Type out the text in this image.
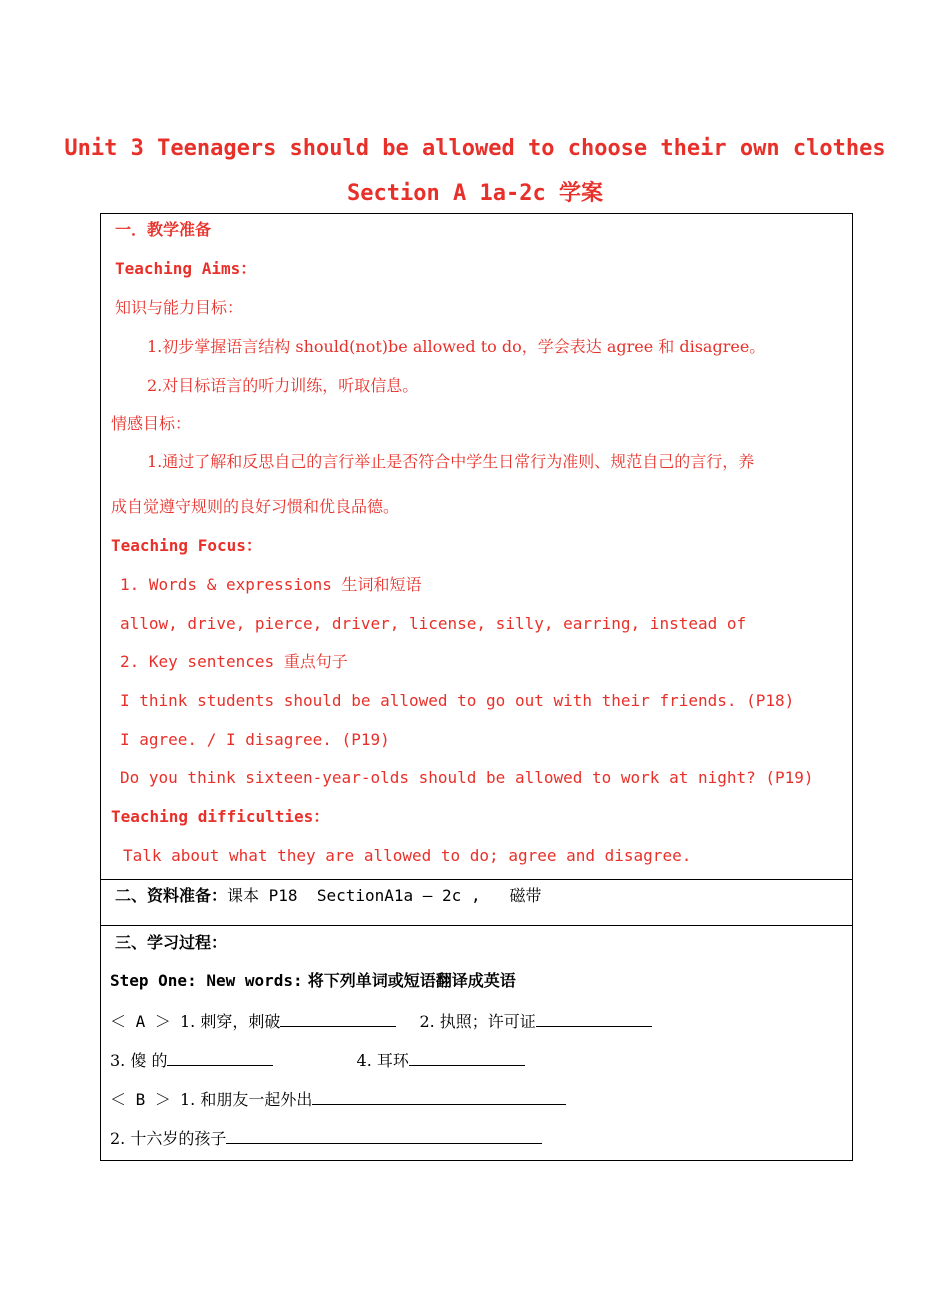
Unit 3 Teenagers should be allowed to choose their own clothes
Section A 1a-2c 学案
一．教学准备
Teaching Aims：
知识与能力目标：
1.初步掌握语言结构 should(not)be allowed to do，学会表达 agree 和 disagree。
2.对目标语言的听力训练，听取信息。
情感目标：
1.通过了解和反思自己的言行举止是否符合中学生日常行为准则、规范自己的言行，养
成自觉遵守规则的良好习惯和优良品德。
Teaching Focus：
1. Words & expressions 生词和短语
allow, drive, pierce, driver, license, silly, earring, instead of
2. Key sentences 重点句子
I think students should be allowed to go out with their friends. (P18)
I agree. / I disagree. (P19)
Do you think sixteen-year-olds should be allowed to work at night? (P19)
Teaching difficulties：
Talk about what they are allowed to do; agree and disagree.
二、资料准备：课本 P18  SectionA1a – 2c ,   磁带
三、学习过程：
Step One: New words: 将下列单词或短语翻译成英语
＜ A ＞ 1. 刺穿，刺破	2. 执照；许可证
3. 傻 的	4. 耳环
＜ B ＞ 1. 和朋友一起外出
2. 十六岁的孩子
